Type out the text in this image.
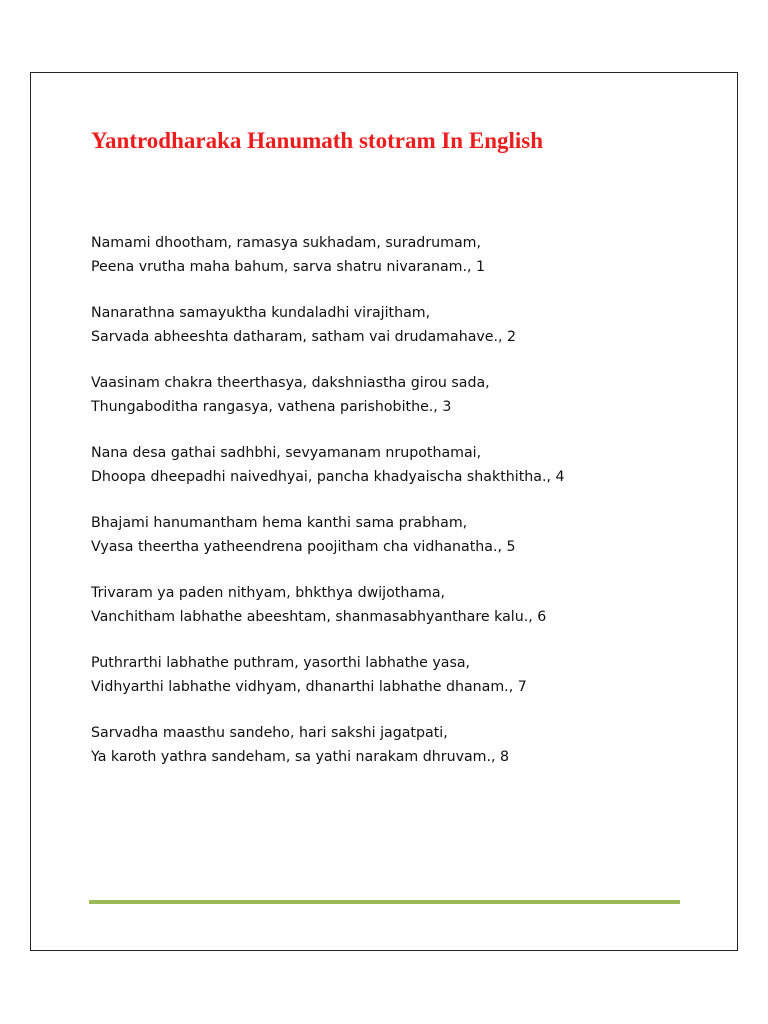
Yantrodharaka Hanumath stotram In English
Namami dhootham, ramasya sukhadam, suradrumam,
Peena vrutha maha bahum, sarva shatru nivaranam., 1
Nanarathna samayuktha kundaladhi virajitham,
Sarvada abheeshta datharam, satham vai drudamahave., 2
Vaasinam chakra theerthasya, dakshniastha girou sada,
Thungaboditha rangasya, vathena parishobithe., 3
Nana desa gathai sadhbhi, sevyamanam nrupothamai,
Dhoopa dheepadhi naivedhyai, pancha khadyaischa shakthitha., 4
Bhajami hanumantham hema kanthi sama prabham,
Vyasa theertha yatheendrena poojitham cha vidhanatha., 5
Trivaram ya paden nithyam, bhkthya dwijothama,
Vanchitham labhathe abeeshtam, shanmasabhyanthare kalu., 6
Puthrarthi labhathe puthram, yasorthi labhathe yasa,
Vidhyarthi labhathe vidhyam, dhanarthi labhathe dhanam., 7
Sarvadha maasthu sandeho, hari sakshi jagatpati,
Ya karoth yathra sandeham, sa yathi narakam dhruvam., 8
